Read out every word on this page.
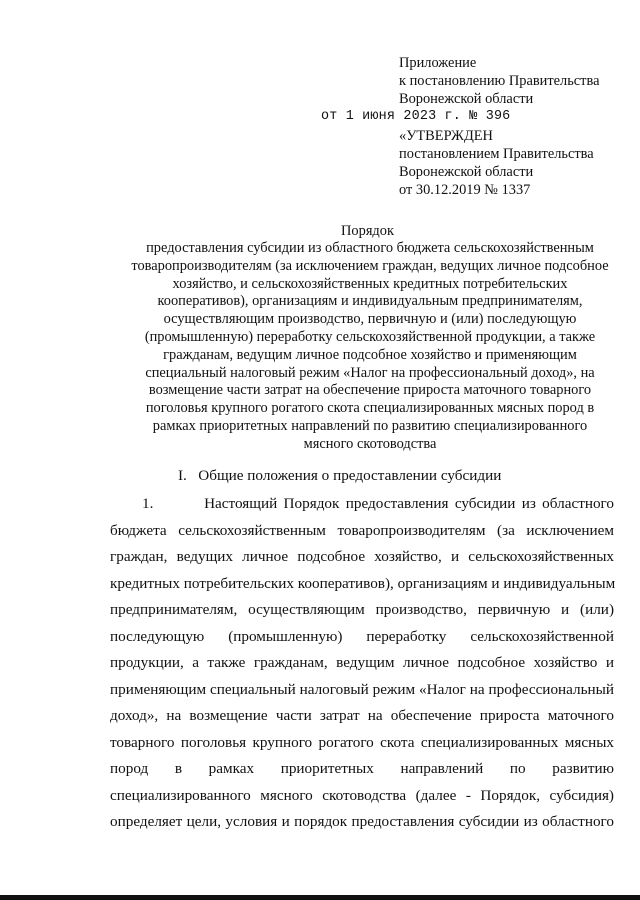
Приложение
к постановлению Правительства
Воронежской области

«УТВЕРЖДЕН
постановлением Правительства
Воронежской области
от 30.12.2019 № 1337
от 1 июня 2023 г. № 396
Порядок
предоставления субсидии из областного бюджета сельскохозяйственным
товаропроизводителям (за исключением граждан, ведущих личное подсобное
хозяйство, и сельскохозяйственных кредитных потребительских
кооперативов), организациям и индивидуальным предпринимателям,
осуществляющим производство, первичную и (или) последующую
(промышленную) переработку сельскохозяйственной продукции, а также
гражданам, ведущим личное подсобное хозяйство и применяющим
специальный налоговый режим «Налог на профессиональный доход», на
возмещение части затрат на обеспечение прироста маточного товарного
поголовья крупного рогатого скота специализированных мясных пород в
рамках приоритетных направлений по развитию специализированного
мясного скотоводства
I.   Общие положения о предоставлении субсидии
1.        Настоящий Порядок предоставления субсидии из областного
бюджета сельскохозяйственным товаропроизводителям (за исключением
граждан, ведущих личное подсобное хозяйство, и сельскохозяйственных
кредитных потребительских кооперативов), организациям и индивидуальным
предпринимателям, осуществляющим производство, первичную и (или)
последующую (промышленную) переработку сельскохозяйственной
продукции, а также гражданам, ведущим личное подсобное хозяйство и
применяющим специальный налоговый режим «Налог на профессиональный
доход», на возмещение части затрат на обеспечение прироста маточного
товарного поголовья крупного рогатого скота специализированных мясных
пород в рамках приоритетных направлений по развитию
специализированного мясного скотоводства (далее - Порядок, субсидия)
определяет цели, условия и порядок предоставления субсидии из областного
